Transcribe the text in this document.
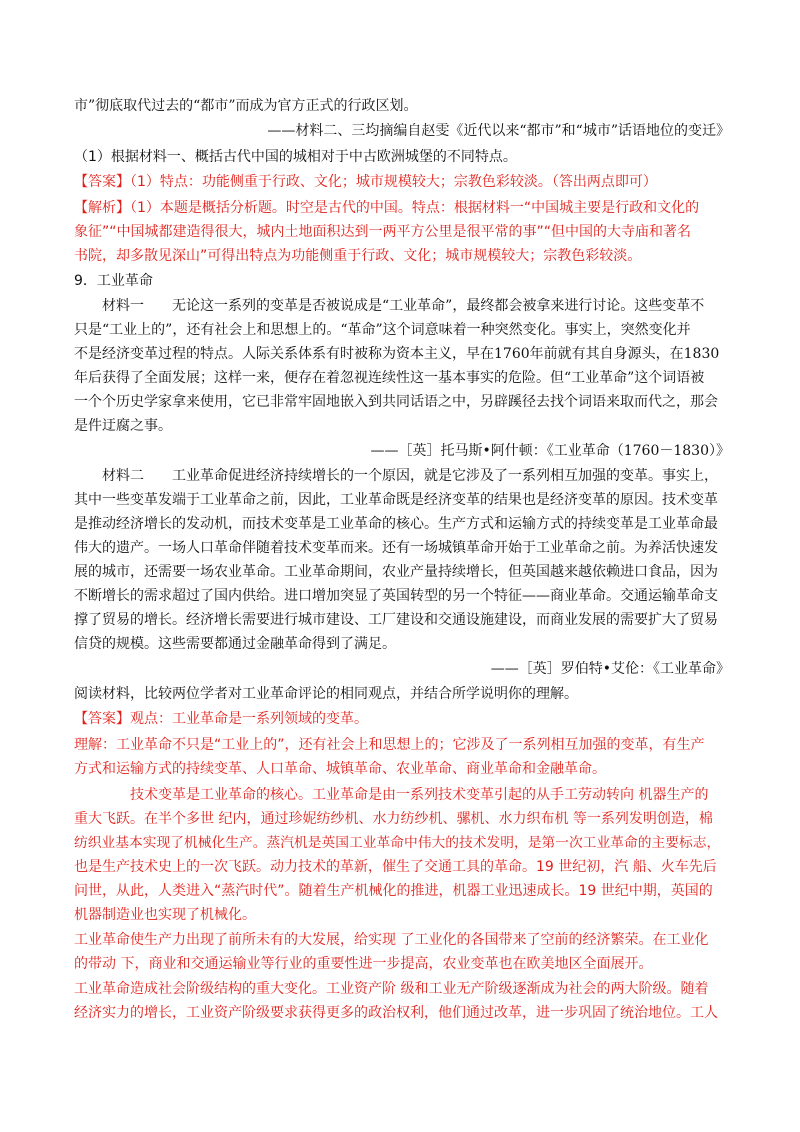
市”彻底取代过去的“都市”而成为官方正式的行政区划。
——材料二、三均摘编自赵雯《近代以来“都市”和“城市”话语地位的变迁》
（1）根据材料一、概括古代中国的城相对于中古欧洲城堡的不同特点。
【答案】（1）特点：功能侧重于行政、文化；城市规模较大；宗教色彩较淡。（答出两点即可）
【解析】（1）本题是概括分析题。时空是古代的中国。特点：根据材料一“中国城主要是行政和文化的
象征”“中国城都建造得很大，城内土地面积达到一两平方公里是很平常的事”“但中国的大寺庙和著名
书院，却多散见深山”可得出特点为功能侧重于行政、文化；城市规模较大；宗教色彩较淡。
9．工业革命
材料一　　无论这一系列的变革是否被说成是“工业革命”，最终都会被拿来进行讨论。这些变革不
只是“工业上的”，还有社会上和思想上的。“革命”这个词意味着一种突然变化。事实上，突然变化并
不是经济变革过程的特点。人际关系体系有时被称为资本主义，早在1760年前就有其自身源头，在1830
年后获得了全面发展；这样一来，便存在着忽视连续性这一基本事实的危险。但“工业革命”这个词语被
一个个历史学家拿来使用，它已非常牢固地嵌入到共同话语之中，另辟蹊径去找个词语来取而代之，那会
是件迂腐之事。
——［英］托马斯•阿什顿：《工业革命（1760－1830）》
材料二　　工业革命促进经济持续增长的一个原因，就是它涉及了一系列相互加强的变革。事实上，
其中一些变革发端于工业革命之前，因此，工业革命既是经济变革的结果也是经济变革的原因。技术变革
是推动经济增长的发动机，而技术变革是工业革命的核心。生产方式和运输方式的持续变革是工业革命最
伟大的遗产。一场人口革命伴随着技术变革而来。还有一场城镇革命开始于工业革命之前。为养活快速发
展的城市，还需要一场农业革命。工业革命期间，农业产量持续增长，但英国越来越依赖进口食品，因为
不断增长的需求超过了国内供给。进口增加突显了英国转型的另一个特征——商业革命。交通运输革命支
撑了贸易的增长。经济增长需要进行城市建设、工厂建设和交通设施建设，而商业发展的需要扩大了贸易
信贷的规模。这些需要都通过金融革命得到了满足。
——［英］罗伯特•艾伦：《工业革命》
阅读材料，比较两位学者对工业革命评论的相同观点，并结合所学说明你的理解。
【答案】观点：工业革命是一系列领域的变革。
理解：工业革命不只是“工业上的”，还有社会上和思想上的；它涉及了一系列相互加强的变革，有生产
方式和运输方式的持续变革、人口革命、城镇革命、农业革命、商业革命和金融革命。
技术变革是工业革命的核心。工业革命是由一系列技术变革引起的从手工劳动转向 机器生产的
重大飞跃。在半个多世 纪内，通过珍妮纺纱机、水力纺纱机、骡机、水力织布机 等一系列发明创造，棉
纺织业基本实现了机械化生产。蒸汽机是英国工业革命中伟大的技术发明，是第一次工业革命的主要标志，
也是生产技术史上的一次飞跃。动力技术的革新，催生了交通工具的革命。19 世纪初，汽 船、火车先后
问世，从此，人类进入“蒸汽时代”。随着生产机械化的推进，机器工业迅速成长。19 世纪中期，英国的
机器制造业也实现了机械化。
工业革命使生产力出现了前所未有的大发展，给实现 了工业化的各国带来了空前的经济繁荣。在工业化
的带动 下，商业和交通运输业等行业的重要性进一步提高，农业变革也在欧美地区全面展开。
工业革命造成社会阶级结构的重大变化。工业资产阶 级和工业无产阶级逐渐成为社会的两大阶级。随着
经济实力的增长，工业资产阶级要求获得更多的政治权利，他们通过改革，进一步巩固了统治地位。工人
